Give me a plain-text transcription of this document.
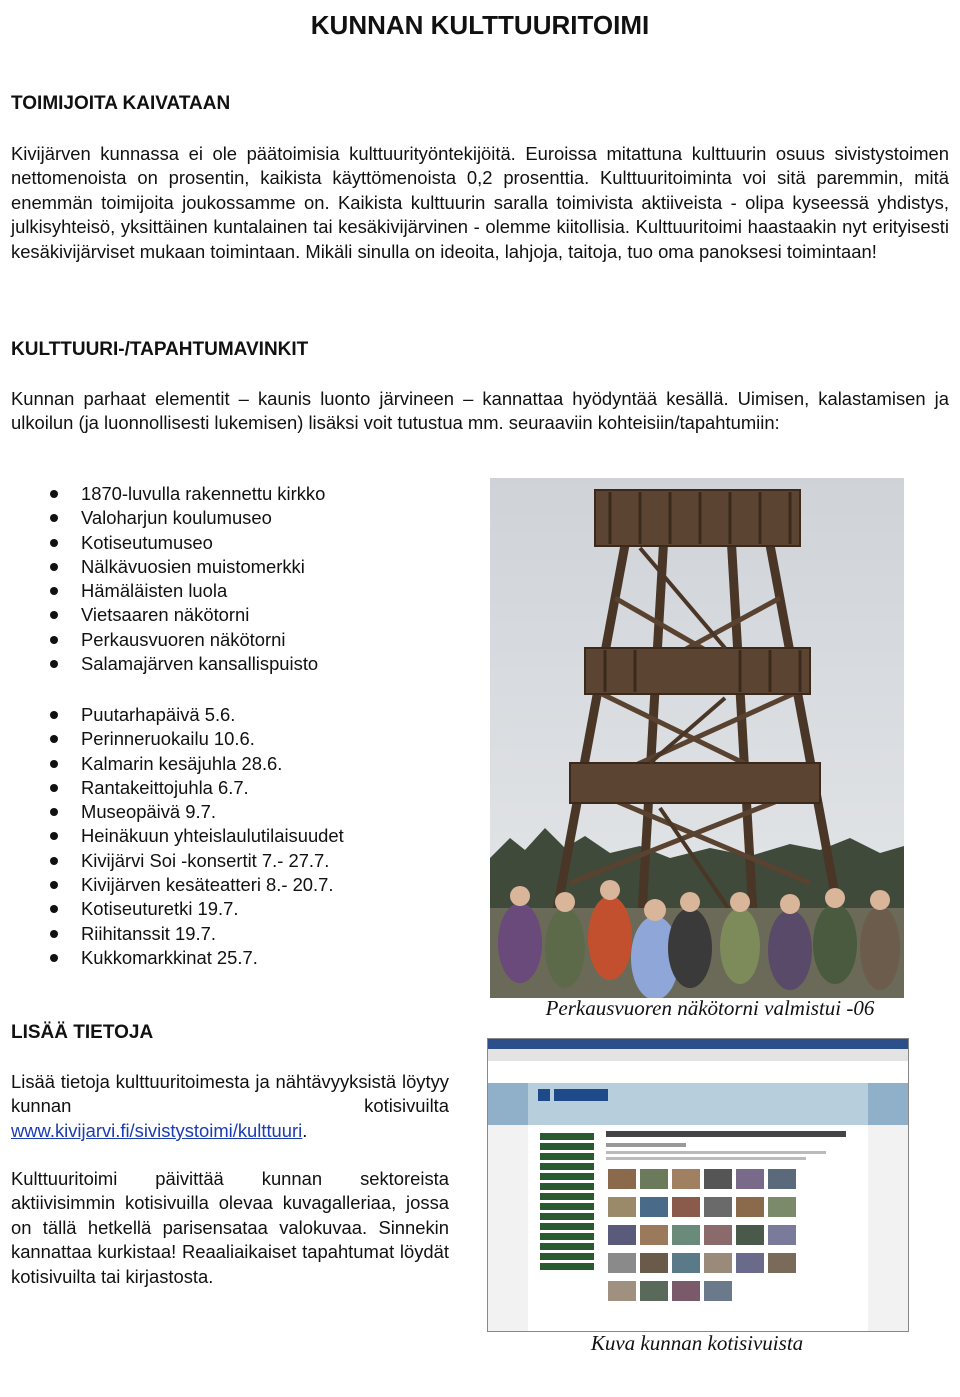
KUNNAN KULTTUURITOIMI
TOIMIJOITA KAIVATAAN
Kivijärven kunnassa ei ole päätoimisia kulttuurityöntekijöitä. Euroissa mitattuna kulttuurin osuus sivistystoimen nettomenoista on prosentin, kaikista käyttömenoista 0,2 prosenttia. Kulttuuritoiminta voi sitä paremmin, mitä enemmän toimijoita joukossamme on. Kaikista kulttuurin saralla toimivista aktiiveista - olipa kyseessä yhdistys, julkisyhteisö, yksittäinen kuntalainen tai kesäkivijärvinen - olemme kiitollisia. Kulttuuritoimi haastaakin nyt erityisesti kesäkivijärviset mukaan toimintaan. Mikäli sinulla on ideoita, lahjoja, taitoja, tuo oma panoksesi toimintaan!
KULTTUURI-/TAPAHTUMAVINKIT
Kunnan parhaat elementit – kaunis luonto järvineen – kannattaa hyödyntää kesällä. Uimisen, kalastamisen ja ulkoilun (ja luonnollisesti lukemisen) lisäksi voit tutustua mm. seuraaviin kohteisiin/tapahtumiin:
1870-luvulla rakennettu kirkko
Valoharjun koulumuseo
Kotiseutumuseo
Nälkävuosien muistomerkki
Hämäläisten luola
Vietsaaren näkötorni
Perkausvuoren näkötorni
Salamajärven kansallispuisto
Puutarhapäivä 5.6.
Perinneruokailu 10.6.
Kalmarin kesäjuhla 28.6.
Rantakeittojuhla 6.7.
Museopäivä 9.7.
Heinäkuun yhteislaulutilaisuudet
Kivijärvi Soi -konsertit 7.- 27.7.
Kivijärven kesäteatteri 8.- 20.7.
Kotiseuturetki 19.7.
Riihitanssit 19.7.
Kukkomarkkinat 25.7.
Perkausvuoren näkötorni valmistui -06
LISÄÄ TIETOJA
Lisää tietoja kulttuuritoimesta ja nähtävyyksistä löytyy kunnan kotisivuilta www.kivijarvi.fi/sivistystoimi/kulttuuri.
Kulttuuritoimi päivittää kunnan sektoreista aktiivisimmin kotisivuilla olevaa kuvagalleriaa, jossa on tällä hetkellä parisensataa valokuvaa. Sinnekin kannattaa kurkistaa! Reaaliaikaiset tapahtumat löydät kotisivuilta tai kirjastosta.
Kuva kunnan kotisivuista
